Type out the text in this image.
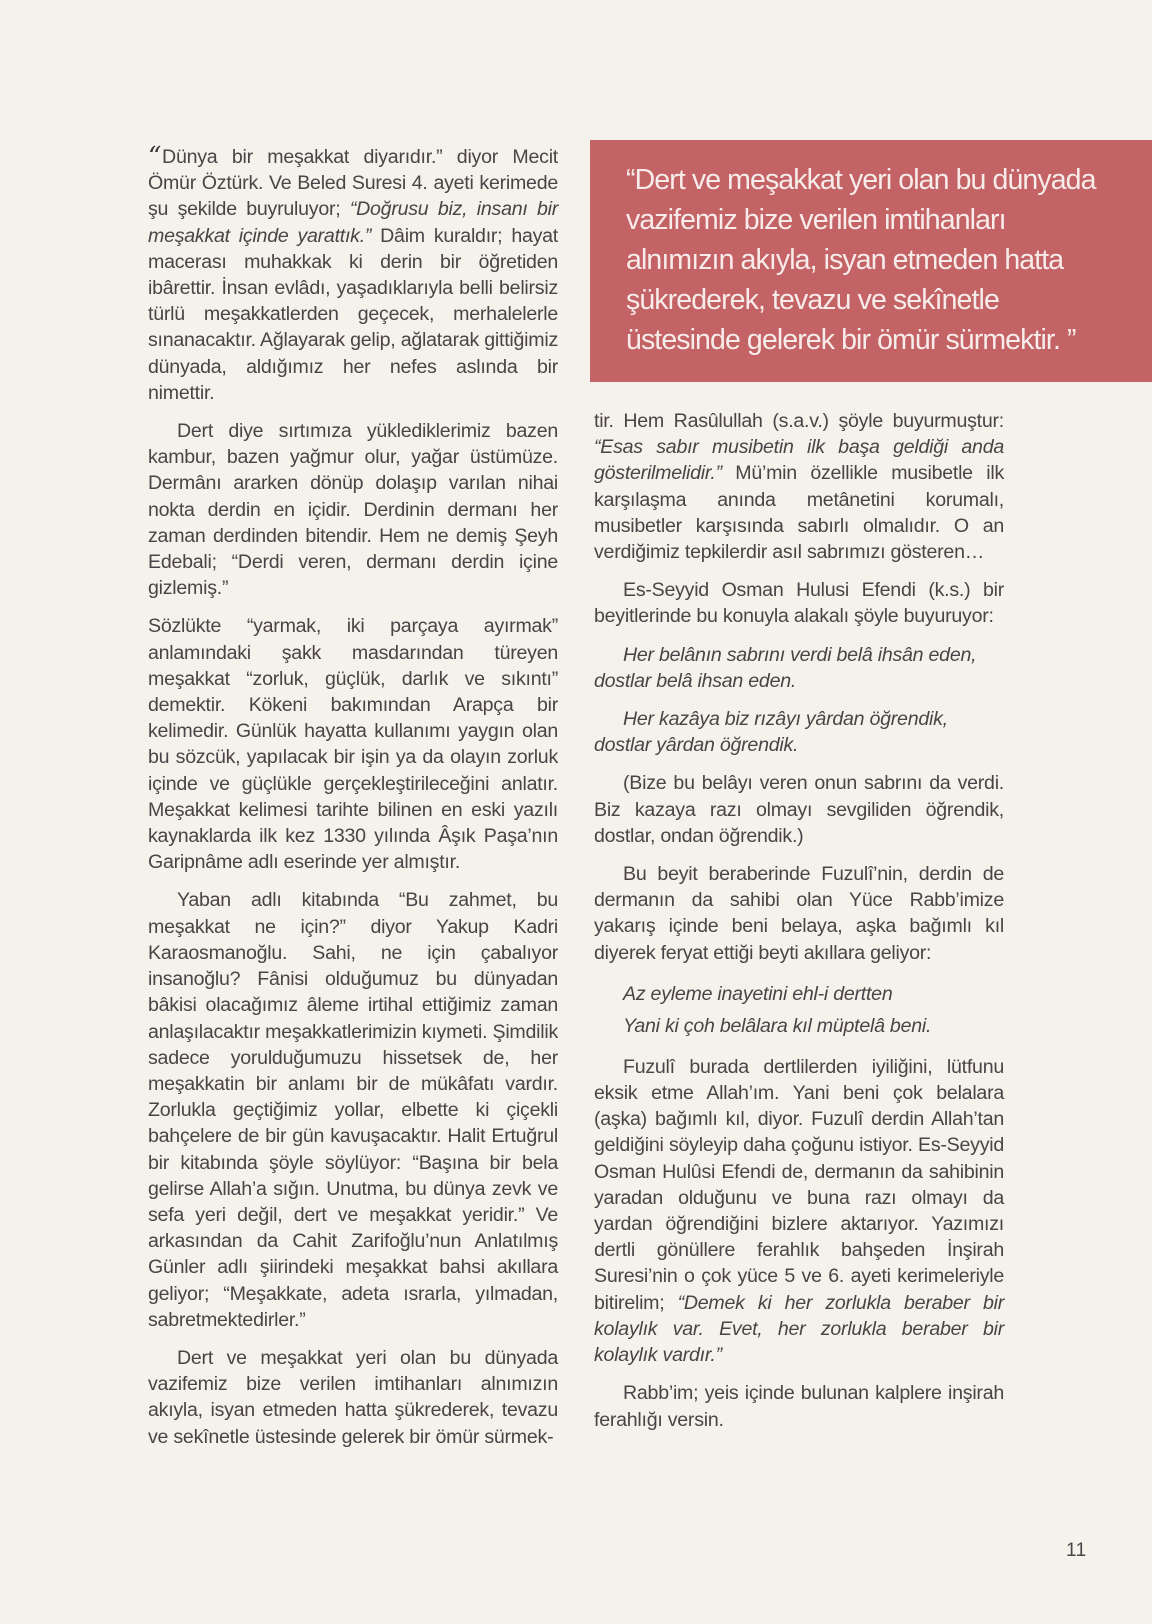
“Dünya bir meşakkat diyarıdır.” diyor Mecit Ömür Öztürk. Ve Beled Suresi 4. ayeti kerimede şu şekilde buyruluyor; “Doğrusu biz, insanı bir meşakkat içinde yarattık.” Dâim kuraldır; hayat macerası muhakkak ki derin bir öğretiden ibârettir. İnsan evlâdı, yaşadıklarıyla belli belirsiz türlü meşakkatlerden geçecek, merhalelerle sınanacaktır. Ağlayarak gelip, ağlatarak gittiğimiz dünyada, aldığımız her nefes aslında bir nimettir.

Dert diye sırtımıza yüklediklerimiz bazen kambur, bazen yağmur olur, yağar üstümüze. Dermânı ararken dönüp dolaşıp varılan nihai nokta derdin en içidir. Derdinin dermanı her zaman derdinden bitendir. Hem ne demiş Şeyh Edebali; “Derdi veren, dermanı derdin içine gizlemiş.”

Sözlükte “yarmak, iki parçaya ayırmak” anlamındaki şakk masdarından türeyen meşakkat “zorluk, güçlük, darlık ve sıkıntı” demektir. Kökeni bakımından Arapça bir kelimedir. Günlük hayatta kullanımı yaygın olan bu sözcük, yapılacak bir işin ya da olayın zorluk içinde ve güçlükle gerçekleştirileceğini anlatır. Meşakkat kelimesi tarihte bilinen en eski yazılı kaynaklarda ilk kez 1330 yılında Âşık Paşa’nın Garipnâme adlı eserinde yer almıştır.

Yaban adlı kitabında “Bu zahmet, bu meşakkat ne için?” diyor Yakup Kadri Karaosmanoğlu. Sahi, ne için çabalıyor insanoğlu? Fânisi olduğumuz bu dünyadan bâkisi olacağımız âleme irtihal ettiğimiz zaman anlaşılacaktır meşakkatlerimizin kıymeti. Şimdilik sadece yorulduğumuzu hissetsek de, her meşakkatin bir anlamı bir de mükâfatı vardır. Zorlukla geçtiğimiz yollar, elbette ki çiçekli bahçelere de bir gün kavuşacaktır. Halit Ertuğrul bir kitabında şöyle söylüyor: “Başına bir bela gelirse Allah’a sığın. Unutma, bu dünya zevk ve sefa yeri değil, dert ve meşakkat yeridir.” Ve arkasından da Cahit Zarifoğlu’nun Anlatılmış Günler adlı şiirindeki meşakkat bahsi akıllara geliyor; “Meşakkate, adeta ısrarla, yılmadan, sabretmektedirler.”

Dert ve meşakkat yeri olan bu dünyada vazifemiz bize verilen imtihanları alnımızın akıyla, isyan etmeden hatta şükrederek, tevazu ve sekînetle üstesinde gelerek bir ömür sürmek-

“Dert ve meşakkat yeri olan bu dünyada vazifemiz bize verilen imtihanları alnımızın akıyla, isyan etmeden hatta şükrederek, tevazu ve sekînetle üstesinde gelerek bir ömür sürmektir. ”

tir. Hem Rasûlullah (s.a.v.) şöyle buyurmuştur: “Esas sabır musibetin ilk başa geldiği anda gösterilmelidir.” Mü’min özellikle musibetle ilk karşılaşma anında metânetini korumalı, musibetler karşısında sabırlı olmalıdır. O an verdiğimiz tepkilerdir asıl sabrımızı gösteren…

Es-Seyyid Osman Hulusi Efendi (k.s.) bir beyitlerinde bu konuyla alakalı şöyle buyuruyor:

Her belânın sabrını verdi belâ ihsân eden,
dostlar belâ ihsan eden.

Her kazâya biz rızâyı yârdan öğrendik,
dostlar yârdan öğrendik.

(Bize bu belâyı veren onun sabrını da verdi. Biz kazaya razı olmayı sevgiliden öğrendik, dostlar, ondan öğrendik.)

Bu beyit beraberinde Fuzulî’nin, derdin de dermanın da sahibi olan Yüce Rabb’imize yakarış içinde beni belaya, aşka bağımlı kıl diyerek feryat ettiği beyti akıllara geliyor:

Az eyleme inayetini ehl-i dertten
Yani ki çoh belâlara kıl müptelâ beni.

Fuzulî burada dertlilerden iyiliğini, lütfunu eksik etme Allah’ım. Yani beni çok belalara (aşka) bağımlı kıl, diyor. Fuzulî derdin Allah’tan geldiğini söyleyip daha çoğunu istiyor. Es-Seyyid Osman Hulûsi Efendi de, dermanın da sahibinin yaradan olduğunu ve buna razı olmayı da yardan öğrendiğini bizlere aktarıyor. Yazımızı dertli gönüllere ferahlık bahşeden İnşirah Suresi’nin o çok yüce 5 ve 6. ayeti kerimeleriyle bitirelim; “Demek ki her zorlukla beraber bir kolaylık var. Evet, her zorlukla beraber bir kolaylık vardır.”

Rabb’im; yeis içinde bulunan kalplere inşirah ferahlığı versin.

11
